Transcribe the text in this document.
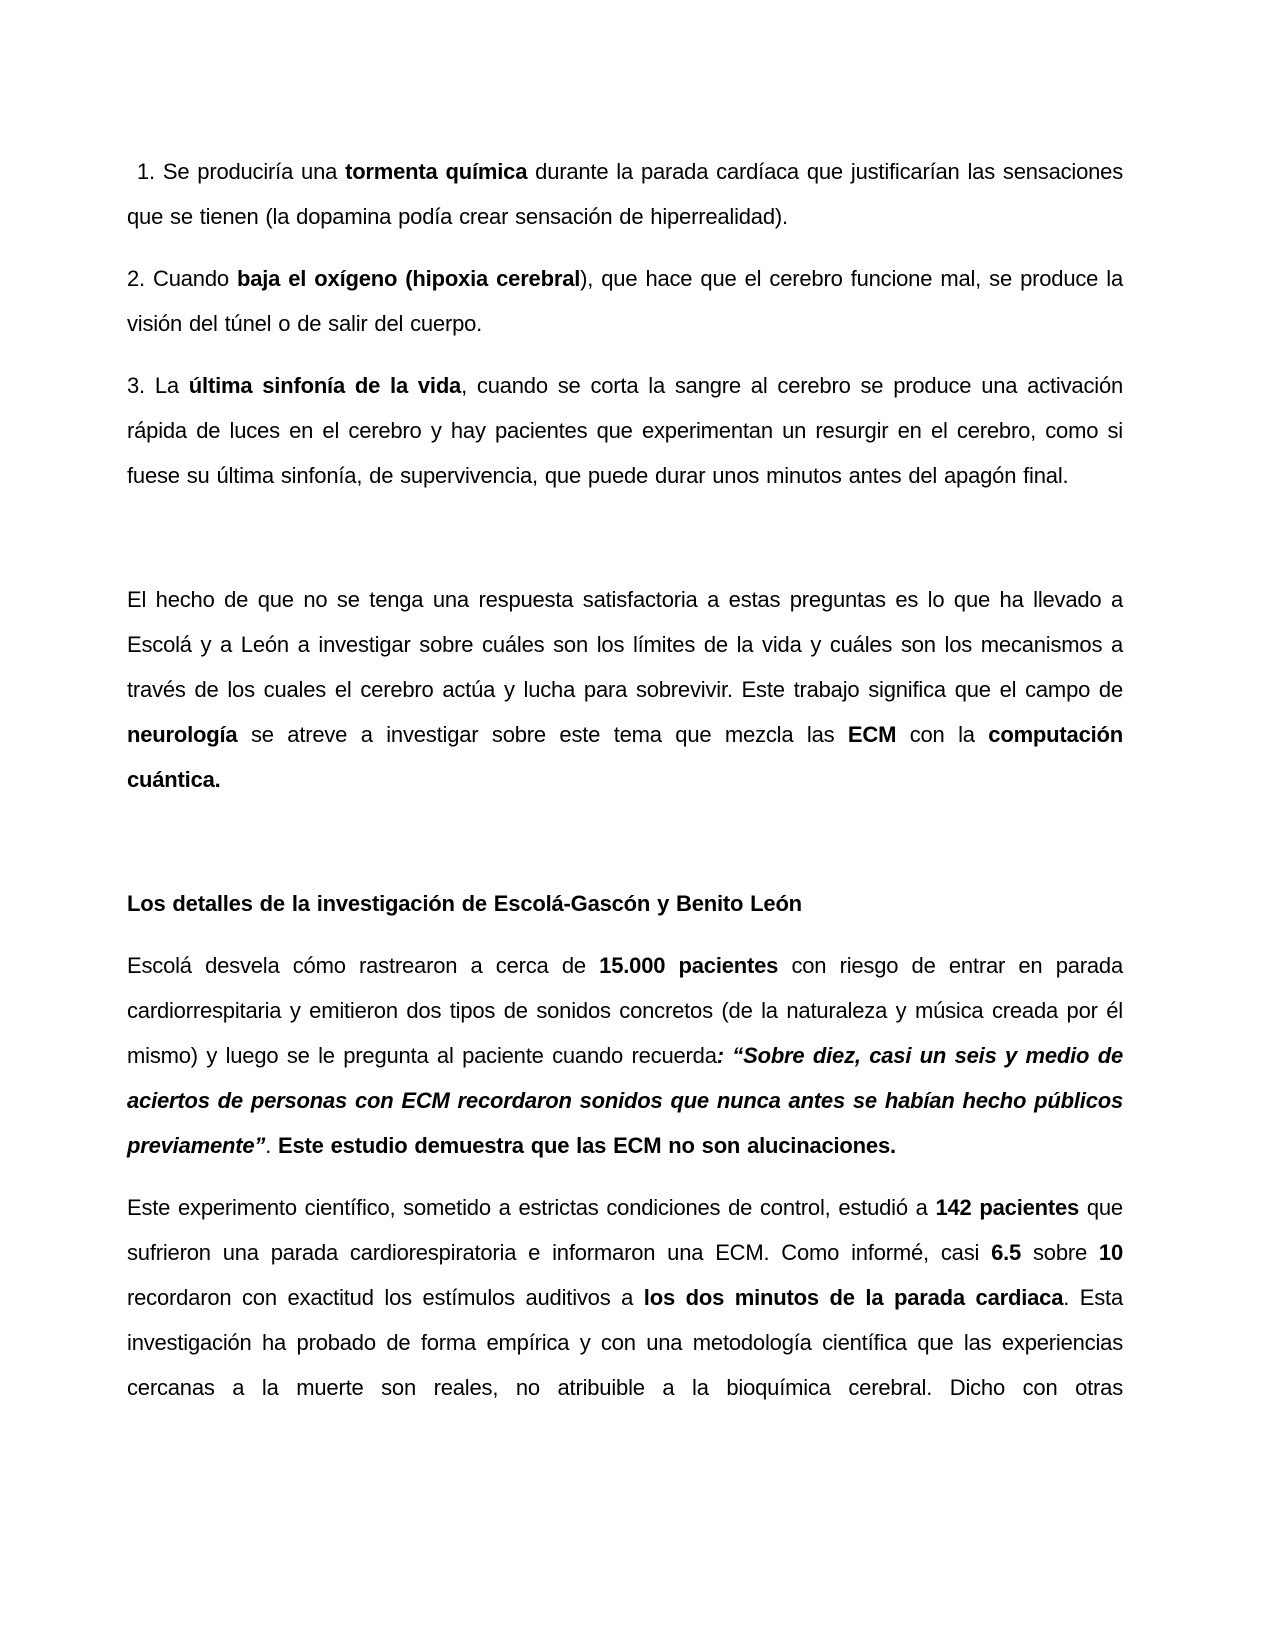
1. Se produciría una tormenta química durante la parada cardíaca que justificarían las sensaciones que se tienen (la dopamina podía crear sensación de hiperrealidad).

2. Cuando baja el oxígeno (hipoxia cerebral), que hace que el cerebro funcione mal, se produce la visión del túnel o de salir del cuerpo.

3. La última sinfonía de la vida, cuando se corta la sangre al cerebro se produce una activación rápida de luces en el cerebro y hay pacientes que experimentan un resurgir en el cerebro, como si fuese su última sinfonía, de supervivencia, que puede durar unos minutos antes del apagón final.

El hecho de que no se tenga una respuesta satisfactoria a estas preguntas es lo que ha llevado a Escolá y a León a investigar sobre cuáles son los límites de la vida y cuáles son los mecanismos a través de los cuales el cerebro actúa y lucha para sobrevivir. Este trabajo significa que el campo de neurología se atreve a investigar sobre este tema que mezcla las ECM con la computación cuántica.

Los detalles de la investigación de Escolá-Gascón y Benito León

Escolá desvela cómo rastrearon a cerca de 15.000 pacientes con riesgo de entrar en parada cardiorrespitaria y emitieron dos tipos de sonidos concretos (de la naturaleza y música creada por él mismo) y luego se le pregunta al paciente cuando recuerda: “Sobre diez, casi un seis y medio de aciertos de personas con ECM recordaron sonidos que nunca antes se habían hecho públicos previamente”. Este estudio demuestra que las ECM no son alucinaciones.

Este experimento científico, sometido a estrictas condiciones de control, estudió a 142 pacientes que sufrieron una parada cardiorespiratoria e informaron una ECM. Como informé, casi 6.5 sobre 10 recordaron con exactitud los estímulos auditivos a los dos minutos de la parada cardiaca. Esta investigación ha probado de forma empírica y con una metodología científica que las experiencias cercanas a la muerte son reales, no atribuible a la bioquímica cerebral. Dicho con otras
